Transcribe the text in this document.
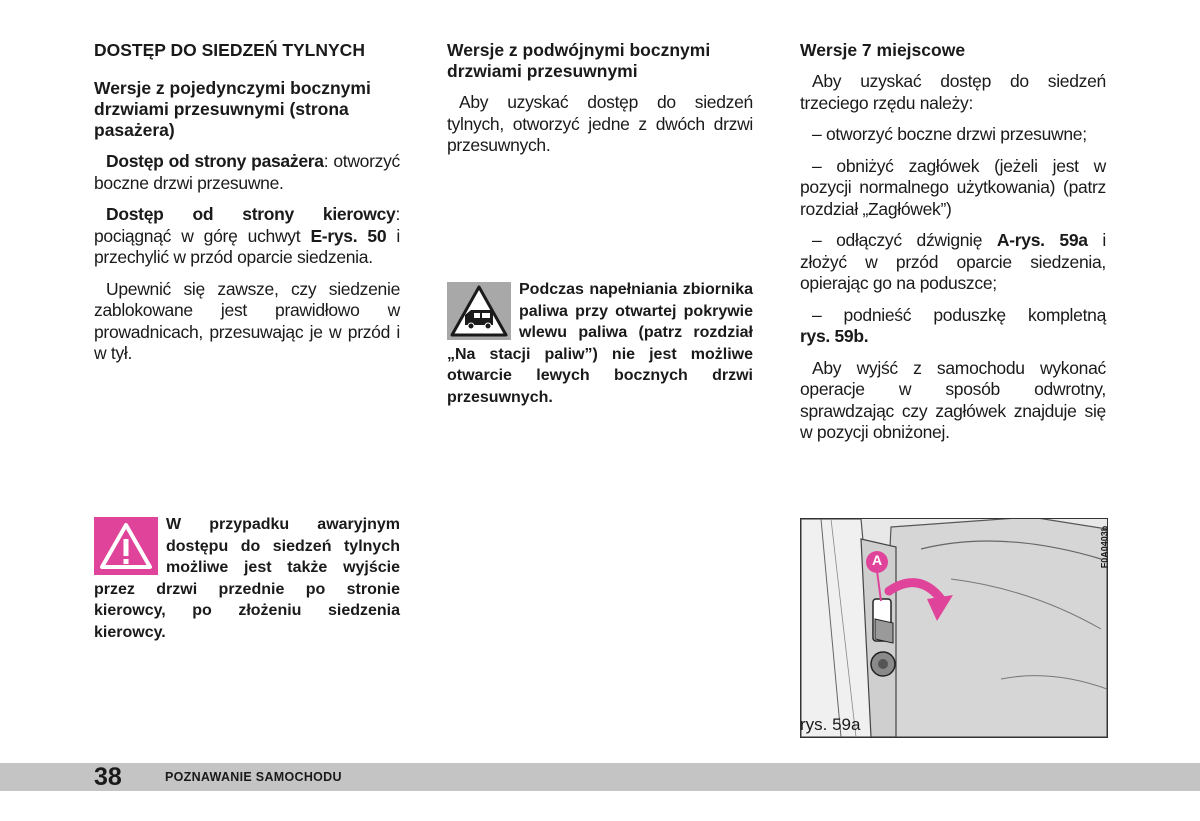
DOSTĘP DO SIEDZEŃ TYLNYCH
Wersje z pojedynczymi bocznymi drzwiami przesuwnymi (strona pasażera)

Dostęp od strony pasażera: otworzyć boczne drzwi przesuwne.

Dostęp od strony kierowcy: pociągnąć w górę uchwyt E-rys. 50 i przechylić w przód oparcie siedzenia.

Upewnić się zawsze, czy siedzenie zablokowane jest prawidłowo w prowadnicach, przesuwając je w przód i w tył.

W przypadku awaryjnym dostępu do siedzeń tylnych możliwe jest także wyjście przez drzwi przednie po stronie kierowcy, po złożeniu siedzenia kierowcy.

Wersje z podwójnymi bocznymi drzwiami przesuwnymi

Aby uzyskać dostęp do siedzeń tylnych, otworzyć jedne z dwóch drzwi przesuwnych.

Podczas napełniania zbiornika paliwa przy otwartej pokrywie wlewu paliwa (patrz rozdział „Na stacji paliw”) nie jest możliwe otwarcie lewych bocznych drzwi przesuwnych.

Wersje 7 miejscowe

Aby uzyskać dostęp do siedzeń trzeciego rzędu należy:

– otworzyć boczne drzwi przesuwne;

– obniżyć zagłówek (jeżeli jest w pozycji normalnego użytkowania) (patrz rozdział „Zagłówek”)

– odłączyć dźwignię A-rys. 59a i złożyć w przód oparcie siedzenia, opierając go na poduszce;

– podnieść poduszkę kompletną

rys. 59b.

Aby wyjść z samochodu wykonać operacje w sposób odwrotny, sprawdzając czy zagłówek znajduje się w pozycji obniżonej.

A	F0A0403b
rys. 59a
38	POZNAWANIE SAMOCHODU
